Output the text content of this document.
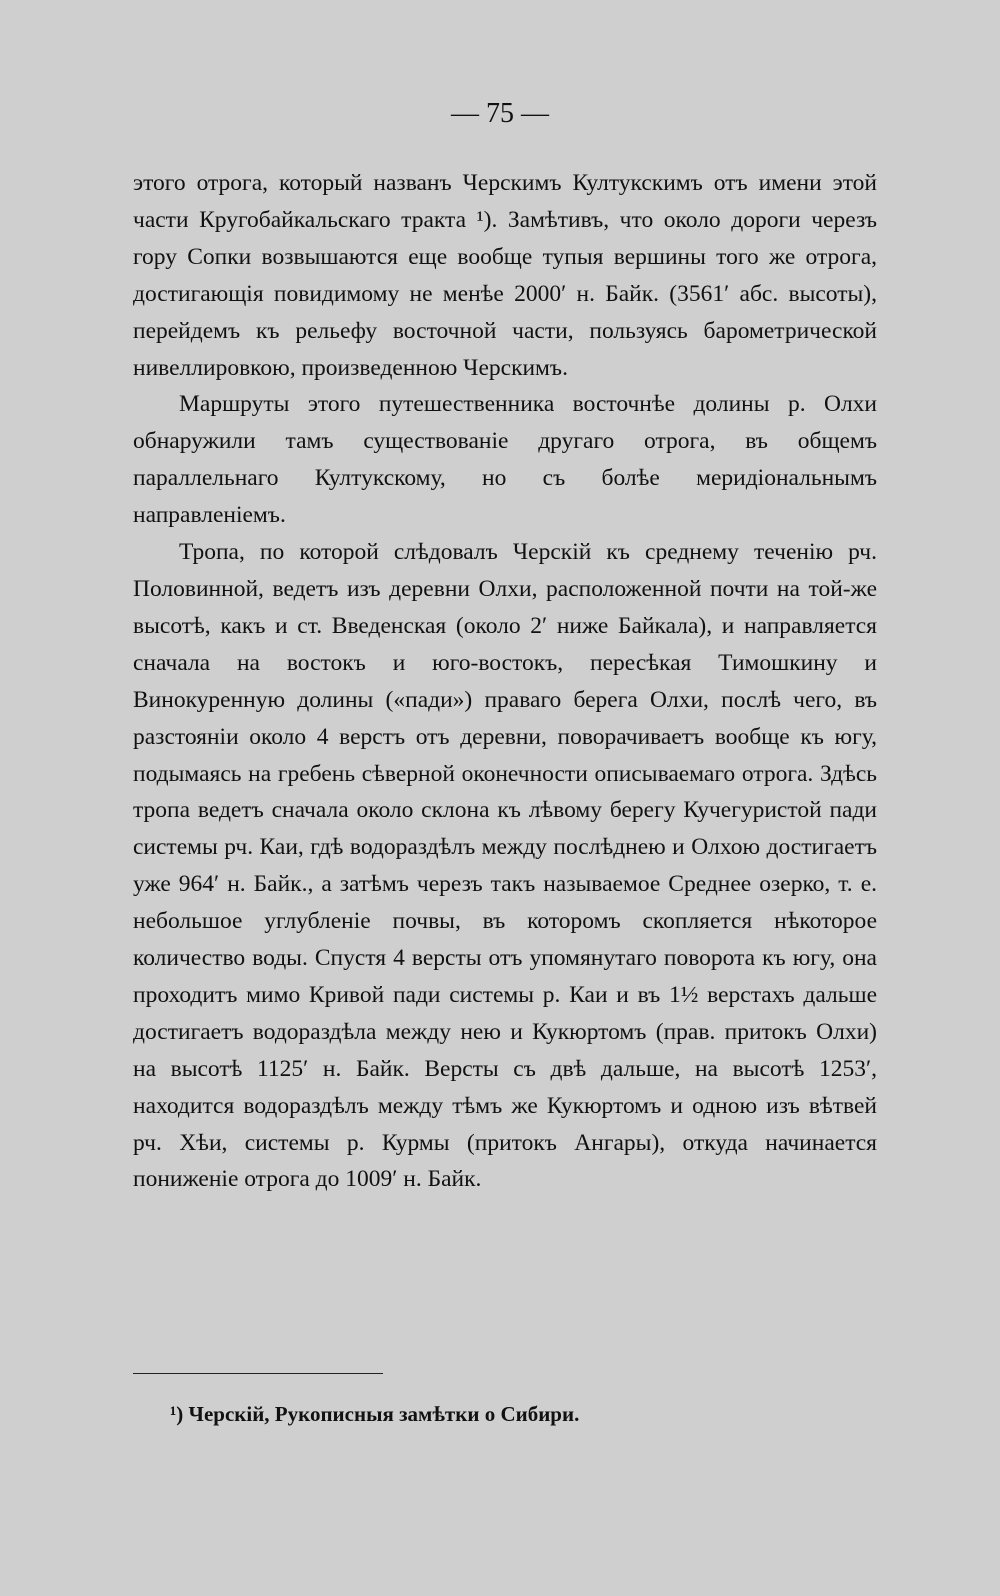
— 75 —

этого отрога, который названъ Черскимъ Култукскимъ отъ имени этой части Кругобайкальскаго тракта ¹). Замѣтивъ, что около дороги черезъ гору Сопки возвышаются еще вообще тупыя вершины того же отрога, достигающія повидимому не менѣе 2000′ н. Байк. (3561′ абс. высоты), перейдемъ къ рельефу восточной части, пользуясь барометрической нивеллировкою, произведенною Черскимъ.

Маршруты этого путешественника восточнѣе долины р. Олхи обнаружили тамъ существованіе другаго отрога, въ общемъ параллельнаго Култукскому, но съ болѣе меридіональнымъ направленіемъ.

Тропа, по которой слѣдовалъ Черскій къ среднему теченію рч. Половинной, ведетъ изъ деревни Олхи, расположенной почти на той-же высотѣ, какъ и ст. Введенская (около 2′ ниже Байкала), и направляется сначала на востокъ и юго-востокъ, пересѣкая Тимошкину и Винокуренную долины («пади») праваго берега Олхи, послѣ чего, въ разстояніи около 4 верстъ отъ деревни, поворачиваетъ вообще къ югу, подымаясь на гребень сѣверной оконечности описываемаго отрога. Здѣсь тропа ведетъ сначала около склона къ лѣвому берегу Кучегуристой пади системы рч. Каи, гдѣ водораздѣлъ между послѣднею и Олхою достигаетъ уже 964′ н. Байк., а затѣмъ черезъ такъ называемое Среднее озерко, т. е. небольшое углубленіе почвы, въ которомъ скопляется нѣкоторое количество воды. Спустя 4 версты отъ упомянутаго поворота къ югу, она проходитъ мимо Кривой пади системы р. Каи и въ 1½ верстахъ дальше достигаетъ водораздѣла между нею и Кукюртомъ (прав. притокъ Олхи) на высотѣ 1125′ н. Байк. Версты съ двѣ дальше, на высотѣ 1253′, находится водораздѣлъ между тѣмъ же Кукюртомъ и одною изъ вѣтвей рч. Хѣи, системы р. Курмы (притокъ Ангары), откуда начинается пониженіе отрога до 1009′ н. Байк.

¹) Черскій, Рукописныя замѣтки о Сибири.
